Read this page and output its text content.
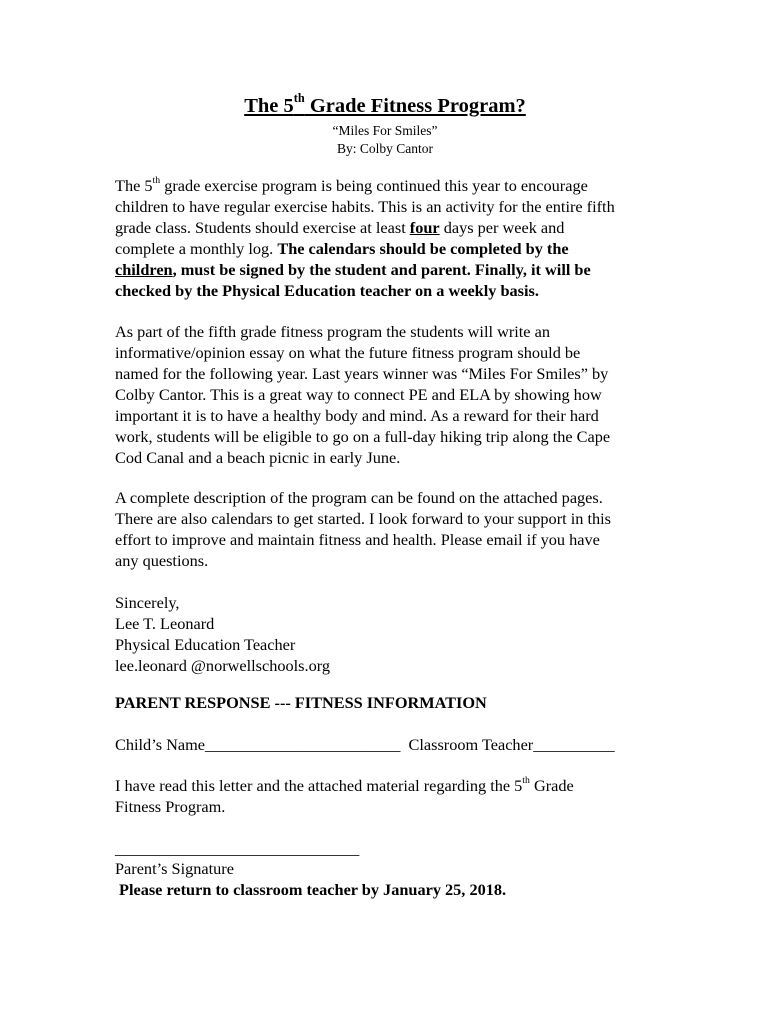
The 5th Grade Fitness Program?
“Miles For Smiles”
By: Colby Cantor
The 5th grade exercise program is being continued this year to encourage
children to have regular exercise habits. This is an activity for the entire fifth
grade class. Students should exercise at least four days per week and
complete a monthly log. The calendars should be completed by the
children, must be signed by the student and parent. Finally, it will be
checked by the Physical Education teacher on a weekly basis.
As part of the fifth grade fitness program the students will write an
informative/opinion essay on what the future fitness program should be
named for the following year. Last years winner was “Miles For Smiles” by
Colby Cantor. This is a great way to connect PE and ELA by showing how
important it is to have a healthy body and mind. As a reward for their hard
work, students will be eligible to go on a full-day hiking trip along the Cape
Cod Canal and a beach picnic in early June.
A complete description of the program can be found on the attached pages.
There are also calendars to get started. I look forward to your support in this
effort to improve and maintain fitness and health. Please email if you have
any questions.
Sincerely,
Lee T. Leonard
Physical Education Teacher
lee.leonard @norwellschools.org
PARENT RESPONSE --- FITNESS INFORMATION
Child’s Name________________________ Classroom Teacher__________
I have read this letter and the attached material regarding the 5th Grade
Fitness Program.
______________________________
Parent’s Signature
Please return to classroom teacher by January 25, 2018.
